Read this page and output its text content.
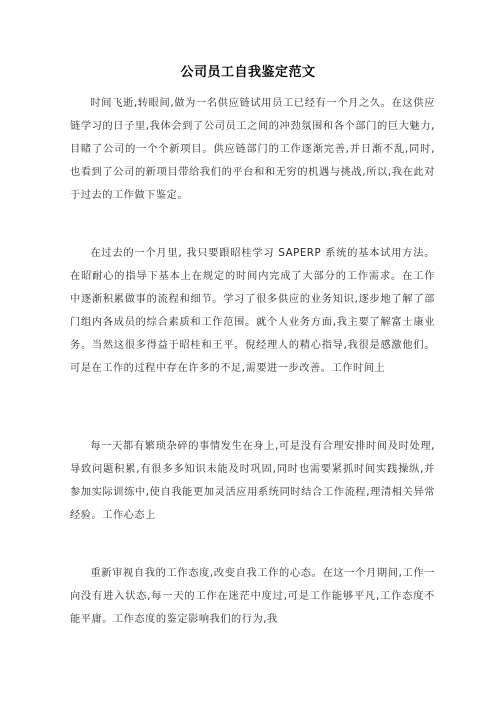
公司员工自我鉴定范文

时间飞逝,转眼间,做为一名供应链试用员工已经有一个月之久。在这供应链学习的日子里,我体会到了公司员工之间的冲劲氛围和各个部门的巨大魅力,目睹了公司的一个个新项目。供应链部门的工作逐渐完善,并日渐不乱,同时,也看到了公司的新项目带给我们的平台和和无穷的机遇与挑战,所以,我在此对于过去的工作做下鉴定。

在过去的一个月里, 我只要跟昭桂学习 SAPERP 系统的基本试用方法。在昭耐心的指导下基本上在规定的时间内完成了大部分的工作需求。在工作中逐渐积累做事的流程和细节。学习了很多供应的业务知识,逐步地了解了部门组内各成员的综合素质和工作范围。就个人业务方面,我主要了解富士康业务。当然这很多得益于昭桂和王平。倪经理人的精心指导,我很是感激他们。可是在工作的过程中存在许多的不足,需要进一步改善。工作时间上

每一天都有繁琐杂碎的事情发生在身上,可是没有合理安排时间及时处理,导致问题积累,有很多多知识未能及时巩固,同时也需要紧抓时间实践操纵,并参加实际训练中,使自我能更加灵活应用系统同时结合工作流程,理清相关异常经验。工作心态上

重新审视自我的工作态度,改变自我工作的心态。在这一个月期间,工作一向没有进入状态,每一天的工作在迷茫中度过,可是工作能够平凡,工作态度不能平庸。工作态度的鉴定影响我们的行为,我
